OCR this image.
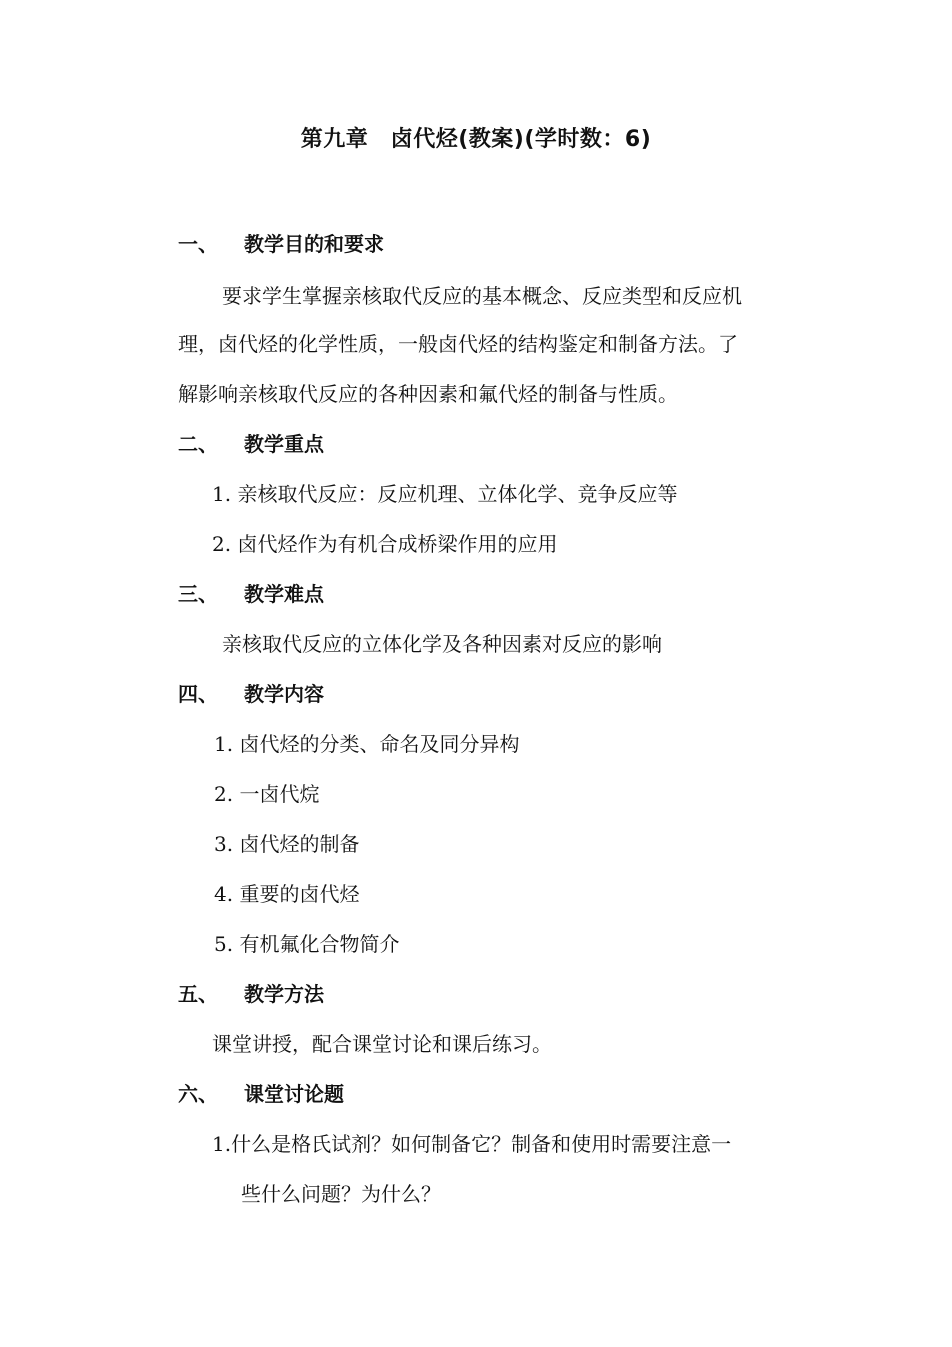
第九章　卤代烃(教案)(学时数：6)
一、 教学目的和要求
要求学生掌握亲核取代反应的基本概念、反应类型和反应机
理，卤代烃的化学性质，一般卤代烃的结构鉴定和制备方法。了
解影响亲核取代反应的各种因素和氟代烃的制备与性质。
二、 教学重点
1. 亲核取代反应：反应机理、立体化学、竞争反应等
2. 卤代烃作为有机合成桥梁作用的应用
三、 教学难点
亲核取代反应的立体化学及各种因素对反应的影响
四、 教学内容
1. 卤代烃的分类、命名及同分异构
2. 一卤代烷
3. 卤代烃的制备
4. 重要的卤代烃
5. 有机氟化合物简介
五、 教学方法
课堂讲授，配合课堂讨论和课后练习。
六、 课堂讨论题
1.什么是格氏试剂？如何制备它？制备和使用时需要注意一
些什么问题？为什么？
